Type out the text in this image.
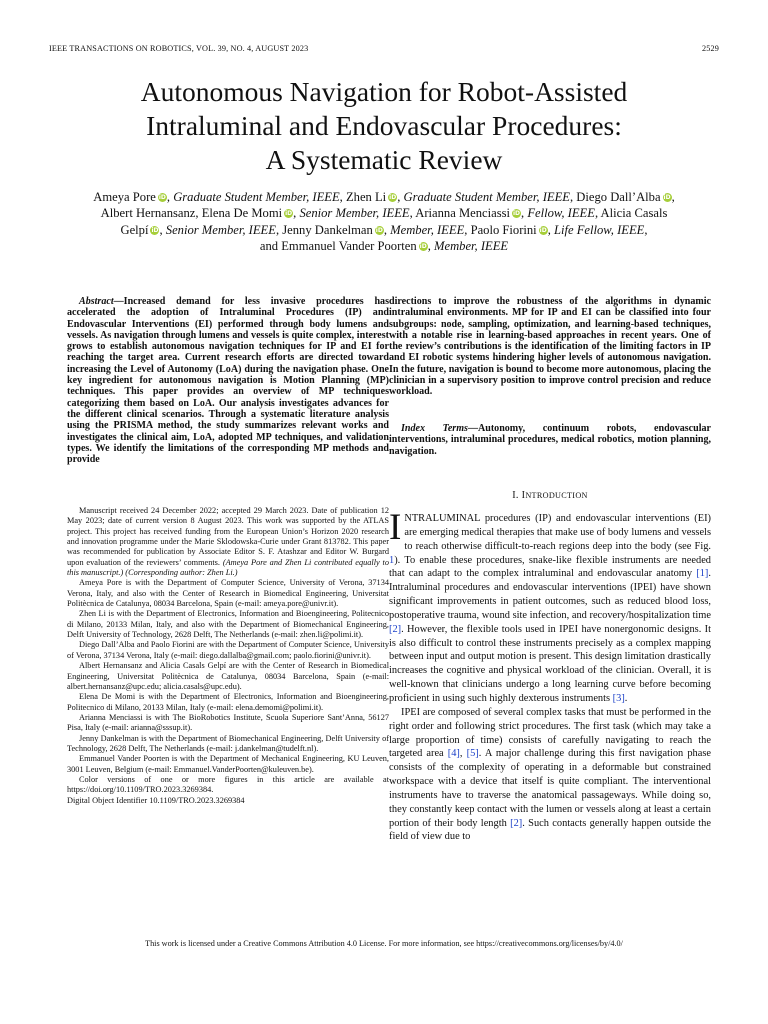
IEEE TRANSACTIONS ON ROBOTICS, VOL. 39, NO. 4, AUGUST 2023	2529
Autonomous Navigation for Robot-Assisted
Intraluminal and Endovascular Procedures:
A Systematic Review
Ameya Pore iD, Graduate Student Member, IEEE, Zhen Li iD, Graduate Student Member, IEEE, Diego Dall’Alba iD,
Albert Hernansanz, Elena De Momi iD, Senior Member, IEEE, Arianna Menciassi iD, Fellow, IEEE, Alicia Casals
Gelpí iD, Senior Member, IEEE, Jenny Dankelman iD, Member, IEEE, Paolo Fiorini iD, Life Fellow, IEEE,
and Emmanuel Vander Poorten iD, Member, IEEE

Abstract—Increased demand for less invasive procedures has accelerated the adoption of Intraluminal Procedures (IP) and Endovascular Interventions (EI) performed through body lumens and vessels. As navigation through lumens and vessels is quite complex, interest grows to establish autonomous navigation techniques for IP and EI for reaching the target area. Current research efforts are directed toward increasing the Level of Autonomy (LoA) during the navigation phase. One key ingredient for autonomous navigation is Motion Planning (MP) techniques. This paper provides an overview of MP techniques categorizing them based on LoA. Our analysis investigates advances for the different clinical scenarios. Through a systematic literature analysis using the PRISMA method, the study summarizes relevant works and investigates the clinical aim, LoA, adopted MP techniques, and validation types. We identify the limitations of the corresponding MP methods and provide

directions to improve the robustness of the algorithms in dynamic intraluminal environments. MP for IP and EI can be classified into four subgroups: node, sampling, optimization, and learning-based techniques, with a notable rise in learning-based approaches in recent years. One of the review’s contributions is the identification of the limiting factors in IP and EI robotic systems hindering higher levels of autonomous navigation. In the future, navigation is bound to become more autonomous, placing the clinician in a supervisory position to improve control precision and reduce workload.

Index Terms—Autonomy, continuum robots, endovascular interventions, intraluminal procedures, medical robotics, motion planning, navigation.

Manuscript received 24 December 2022; accepted 29 March 2023. Date of publication 12 May 2023; date of current version 8 August 2023. This work was supported by the ATLAS project. This project has received funding from the European Union’s Horizon 2020 research and innovation programme under the Marie Sklodowska-Curie under Grant 813782. This paper was recommended for publication by Associate Editor S. F. Atashzar and Editor W. Burgard upon evaluation of the reviewers’ comments. (Ameya Pore and Zhen Li contributed equally to this manuscript.) (Corresponding author: Zhen Li.)

Ameya Pore is with the Department of Computer Science, University of Verona, 37134 Verona, Italy, and also with the Center of Research in Biomedical Engineering, Universitat Politècnica de Catalunya, 08034 Barcelona, Spain (e-mail: ameya.pore@univr.it).

Zhen Li is with the Department of Electronics, Information and Bioengineering, Politecnico di Milano, 20133 Milan, Italy, and also with the Department of Biomechanical Engineering, Delft University of Technology, 2628 Delft, The Netherlands (e-mail: zhen.li@polimi.it).

Diego Dall’Alba and Paolo Fiorini are with the Department of Computer Science, University of Verona, 37134 Verona, Italy (e-mail: diego.dallalba@gmail.com; paolo.fiorini@univr.it).

Albert Hernansanz and Alicia Casals Gelpí are with the Center of Research in Biomedical Engineering, Universitat Politècnica de Catalunya, 08034 Barcelona, Spain (e-mail: albert.hernansanz@upc.edu; alicia.casals@upc.edu).

Elena De Momi is with the Department of Electronics, Information and Bioengineering, Politecnico di Milano, 20133 Milan, Italy (e-mail: elena.demomi@polimi.it).

Arianna Menciassi is with The BioRobotics Institute, Scuola Superiore Sant’Anna, 56127 Pisa, Italy (e-mail: arianna@sssup.it).

Jenny Dankelman is with the Department of Biomechanical Engineering, Delft University of Technology, 2628 Delft, The Netherlands (e-mail: j.dankelman@tudelft.nl).

Emmanuel Vander Poorten is with the Department of Mechanical Engineering, KU Leuven, 3001 Leuven, Belgium (e-mail: Emmanuel.VanderPoorten@kuleuven.be).

Color versions of one or more figures in this article are available at https://doi.org/10.1109/TRO.2023.3269384.

Digital Object Identifier 10.1109/TRO.2023.3269384

I. INTRODUCTION

INTRALUMINAL procedures (IP) and endovascular interventions (EI) are emerging medical therapies that make use of body lumens and vessels to reach otherwise difficult-to-reach regions deep into the body (see Fig. 1). To enable these procedures, snake-like flexible instruments are needed that can adapt to the complex intraluminal and endovascular anatomy [1]. Intraluminal procedures and endovascular interventions (IPEI) have shown significant improvements in patient outcomes, such as reduced blood loss, postoperative trauma, wound site infection, and recovery/hospitalization time [2]. However, the flexible tools used in IPEI have nonergonomic designs. It is also difficult to control these instruments precisely as a complex mapping between input and output motion is present. This design limitation drastically increases the cognitive and physical workload of the clinician. Overall, it is well-known that clinicians undergo a long learning curve before becoming proficient in using such highly dexterous instruments [3].

IPEI are composed of several complex tasks that must be performed in the right order and following strict procedures. The first task (which may take a large proportion of time) consists of carefully navigating to reach the targeted area [4], [5]. A major challenge during this first navigation phase consists of the complexity of operating in a deformable but constrained workspace with a device that itself is quite compliant. The interventional instruments have to traverse the anatomical passageways. While doing so, they constantly keep contact with the lumen or vessels along at least a certain portion of their body length [2]. Such contacts generally happen outside the field of view due to

This work is licensed under a Creative Commons Attribution 4.0 License. For more information, see https://creativecommons.org/licenses/by/4.0/
